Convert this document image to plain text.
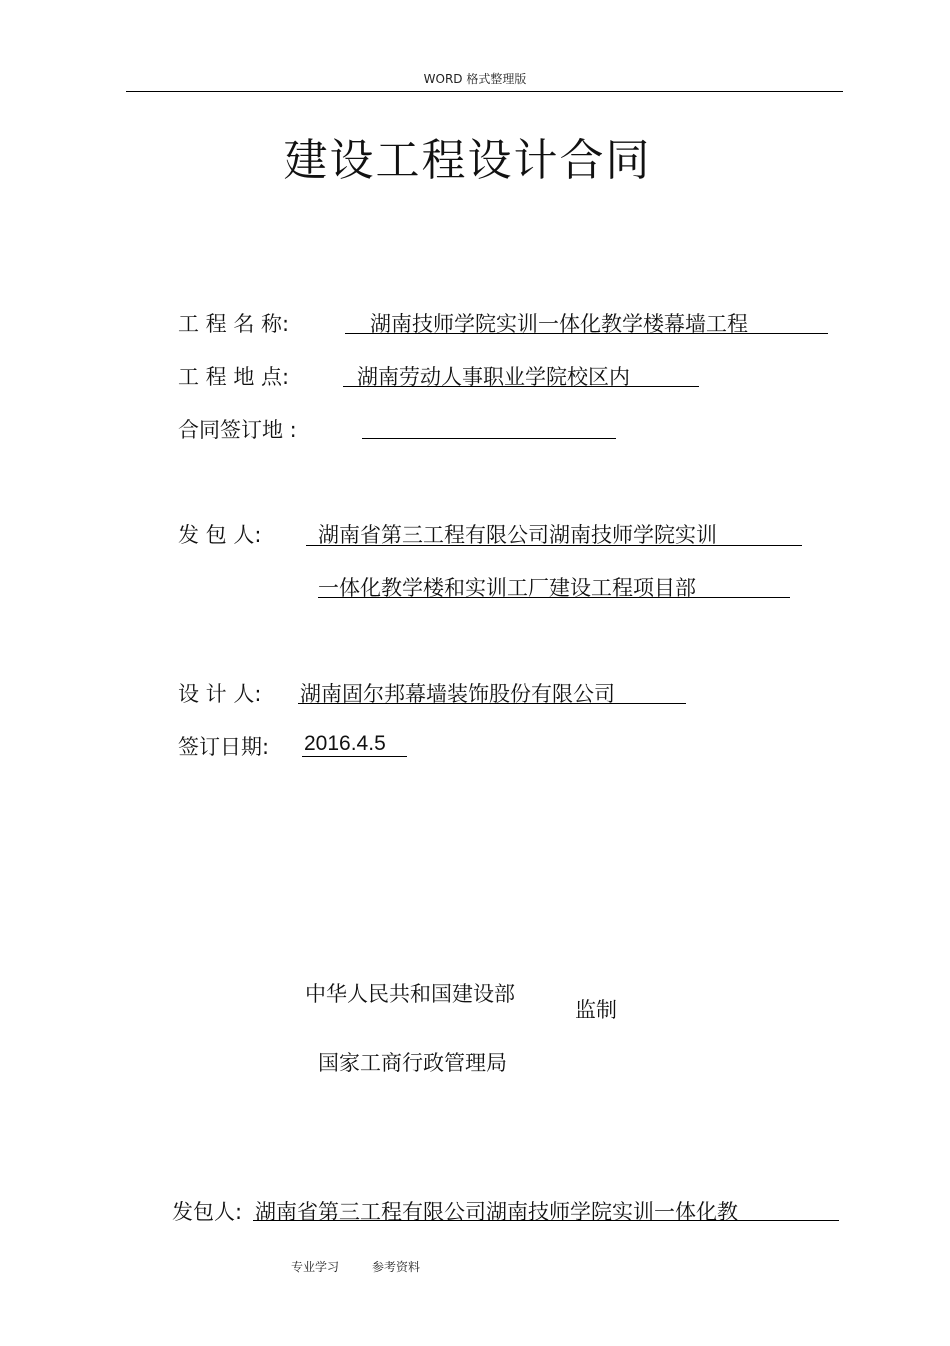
WORD 格式整理版
建设工程设计合同
工 程 名 称:	湖南技师学院实训一体化教学楼幕墙工程
工 程 地 点:	湖南劳动人事职业学院校区内
合同签订地 :
发 包 人:	湖南省第三工程有限公司湖南技师学院实训
一体化教学楼和实训工厂建设工程项目部
设 计 人: 湖南固尔邦幕墙装饰股份有限公司
签订日期: 2016.4.5
中华人民共和国建设部
监制
国家工商行政管理局
发包人: 湖南省第三工程有限公司湖南技师学院实训一体化教
专业学习	参考资料
